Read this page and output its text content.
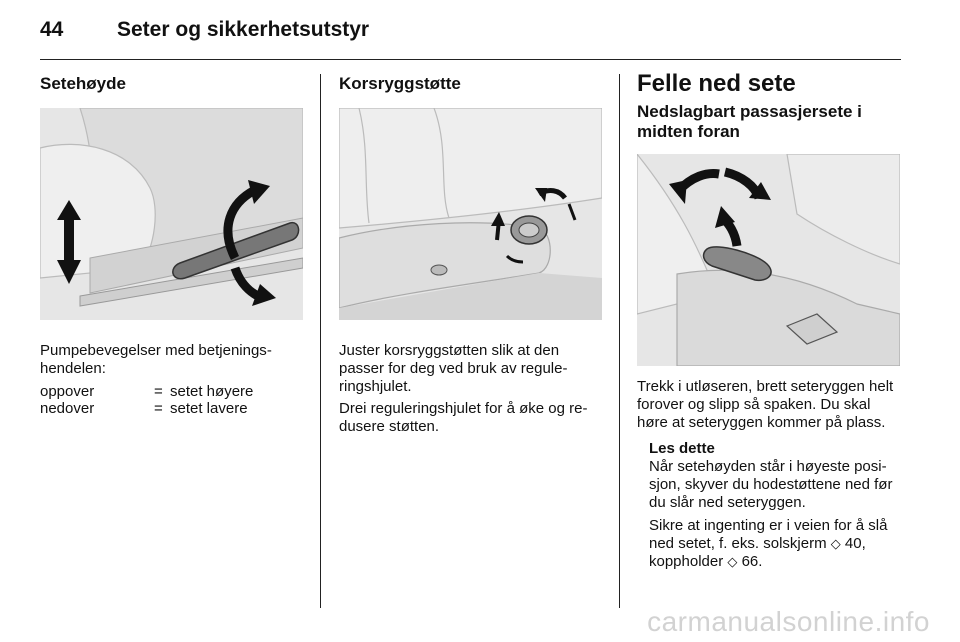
44	Seter og sikkerhetsutstyr
Setehøyde

Pumpebevegelser med betjeningshendelen:

oppover	=	setet høyere
nedover	=	setet lavere
Korsryggstøtte

Juster korsryggstøtten slik at den passer for deg ved bruk av reguleringshjulet.

Drei reguleringshjulet for å øke og redusere støtten.

Felle ned sete
Nedslagbart passasjersete i midten foran

Trekk i utløseren, brett seteryggen helt forover og slipp så spaken. Du skal høre at seteryggen kommer på plass.

Les dette

Når setehøyden står i høyeste posisjon, skyver du hodestøttene ned før du slår ned seteryggen.

Sikre at ingenting er i veien for å slå ned setet, f. eks. solskjerm ◇ 40, koppholder ◇ 66.

carmanualsonline.info
